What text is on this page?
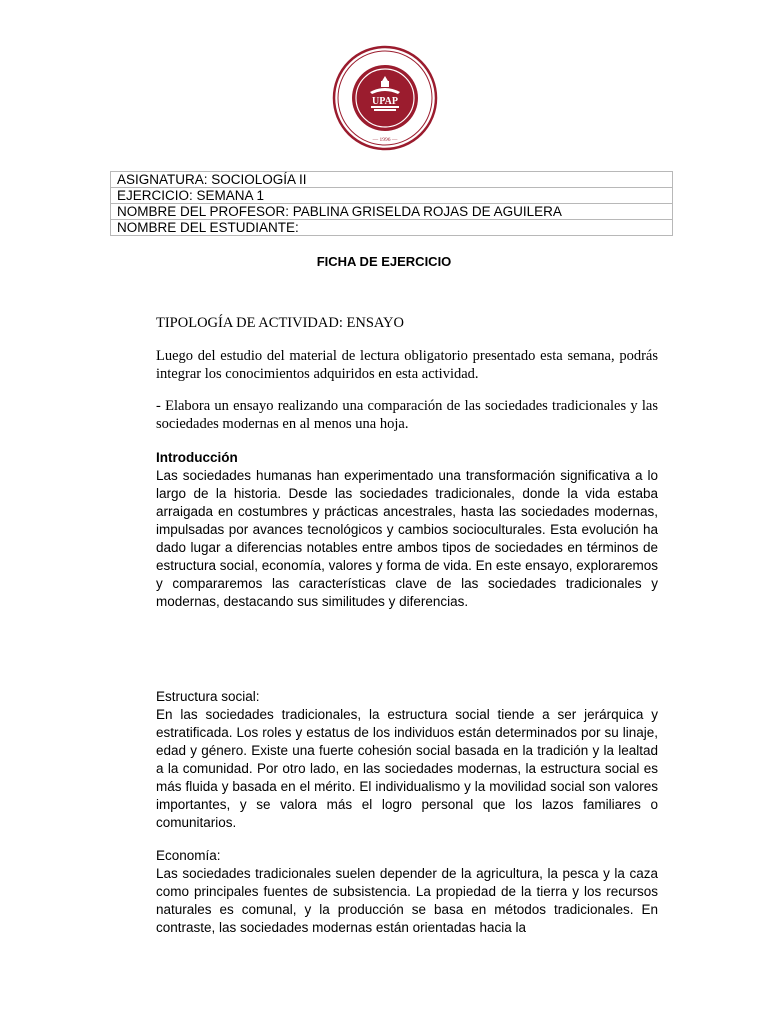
UPAP
— 1996 —
ASIGNATURA: SOCIOLOGÍA II
EJERCICIO: SEMANA 1
NOMBRE DEL PROFESOR: PABLINA GRISELDA ROJAS DE AGUILERA
NOMBRE DEL ESTUDIANTE:
FICHA DE EJERCICIO
TIPOLOGÍA DE ACTIVIDAD: ENSAYO

Luego del estudio del material de lectura obligatorio presentado esta semana, podrás integrar los conocimientos adquiridos en esta actividad.

- Elabora un ensayo realizando una comparación de las sociedades tradicionales y las sociedades modernas en al menos una hoja.

Introducción

Las sociedades humanas han experimentado una transformación significativa a lo largo de la historia. Desde las sociedades tradicionales, donde la vida estaba arraigada en costumbres y prácticas ancestrales, hasta las sociedades modernas, impulsadas por avances tecnológicos y cambios socioculturales. Esta evolución ha dado lugar a diferencias notables entre ambos tipos de sociedades en términos de estructura social, economía, valores y forma de vida. En este ensayo, exploraremos y compararemos las características clave de las sociedades tradicionales y modernas, destacando sus similitudes y diferencias.

Estructura social:

En las sociedades tradicionales, la estructura social tiende a ser jerárquica y estratificada. Los roles y estatus de los individuos están determinados por su linaje, edad y género. Existe una fuerte cohesión social basada en la tradición y la lealtad a la comunidad. Por otro lado, en las sociedades modernas, la estructura social es más fluida y basada en el mérito. El individualismo y la movilidad social son valores importantes, y se valora más el logro personal que los lazos familiares o comunitarios.

Economía:

Las sociedades tradicionales suelen depender de la agricultura, la pesca y la caza como principales fuentes de subsistencia. La propiedad de la tierra y los recursos naturales es comunal, y la producción se basa en métodos tradicionales. En contraste, las sociedades modernas están orientadas hacia la
